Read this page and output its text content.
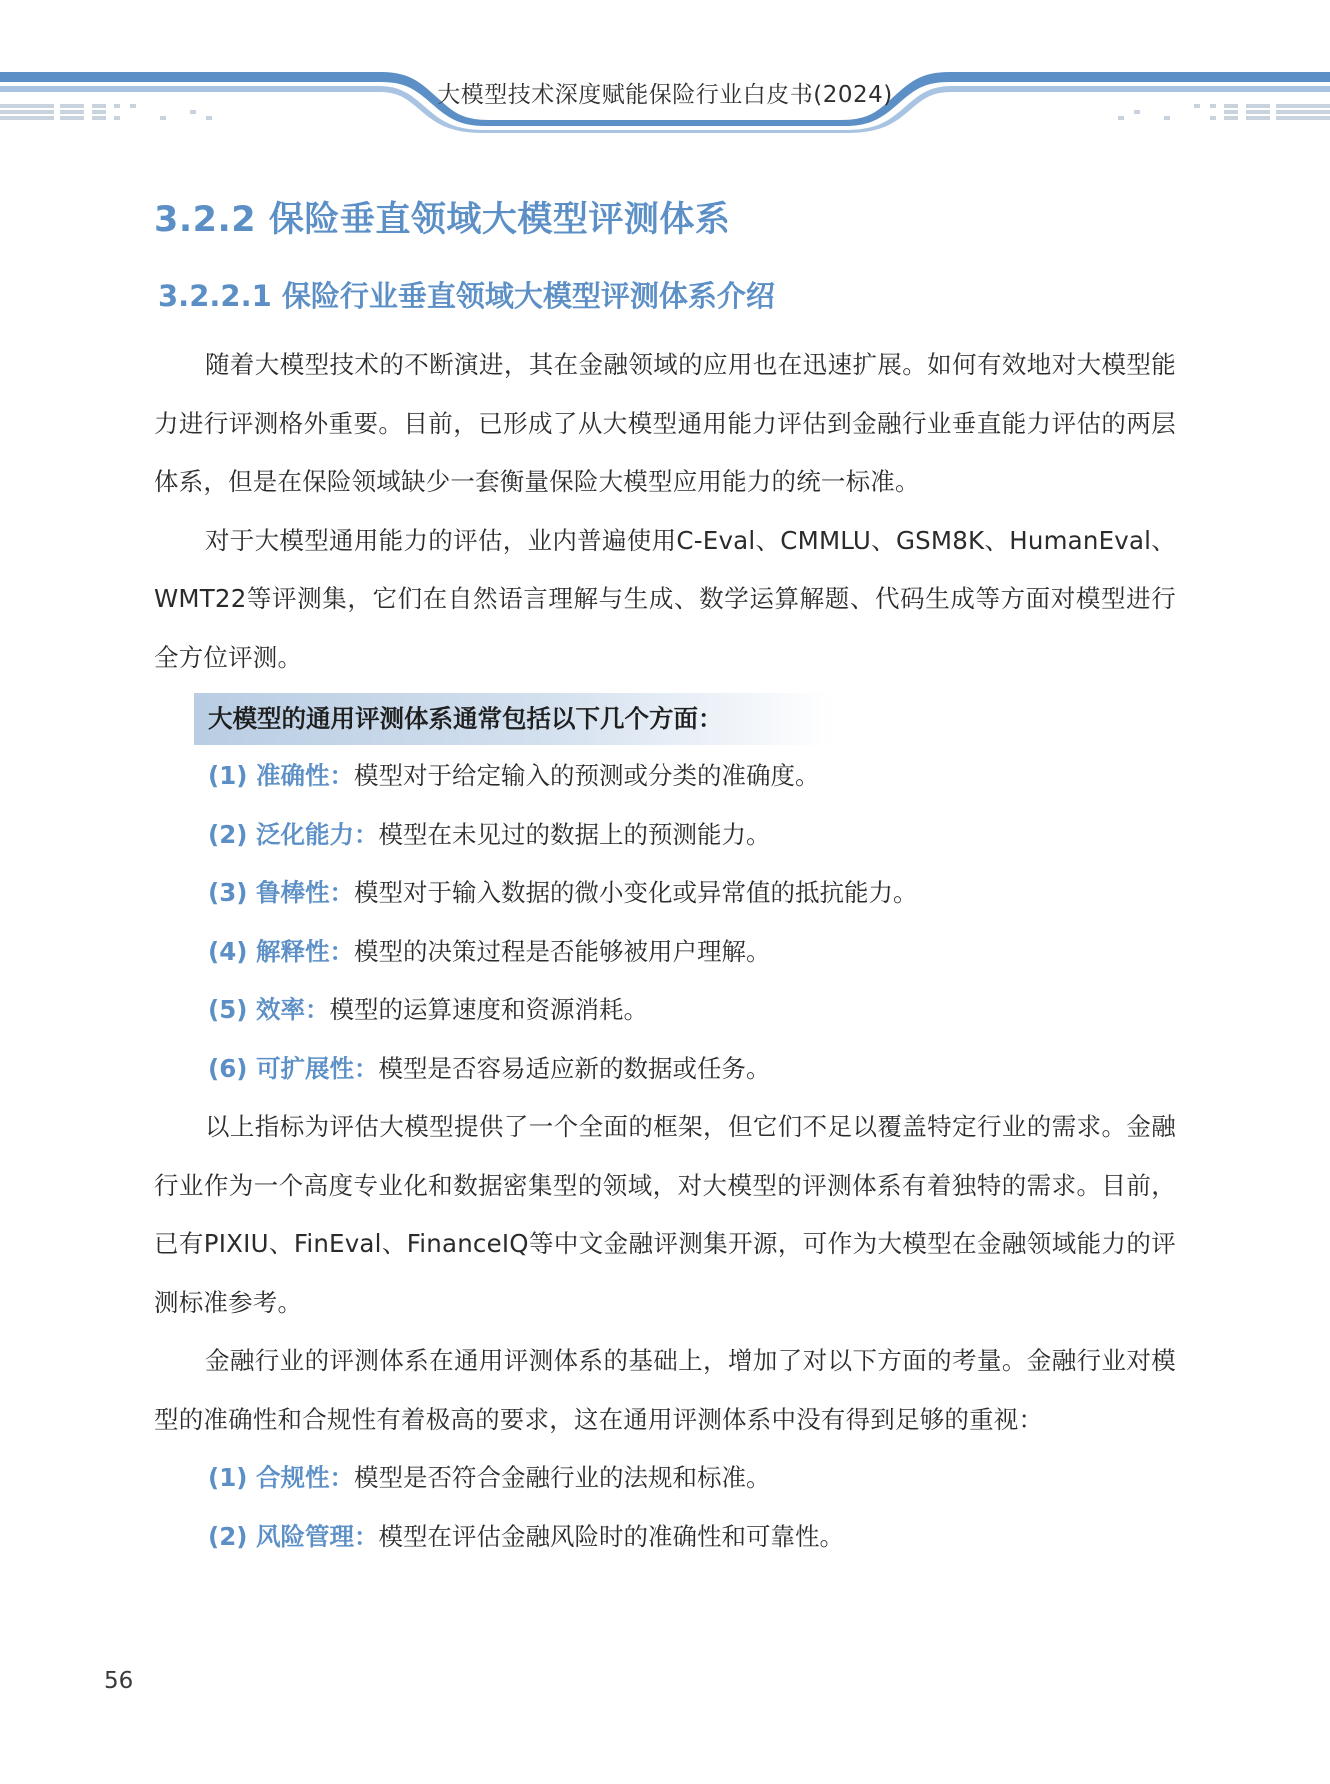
大模型技术深度赋能保险行业白皮书(2024)
3.2.2 保险垂直领域大模型评测体系
3.2.2.1 保险行业垂直领域大模型评测体系介绍

随着大模型技术的不断演进，其在金融领域的应用也在迅速扩展。如何有效地对大模型能力进行评测格外重要。目前，已形成了从大模型通用能力评估到金融行业垂直能力评估的两层体系，但是在保险领域缺少一套衡量保险大模型应用能力的统一标准。

对于大模型通用能力的评估，业内普遍使用C-Eval、CMMLU、GSM8K、HumanEval、WMT22等评测集，它们在自然语言理解与生成、数学运算解题、代码生成等方面对模型进行全方位评测。

大模型的通用评测体系通常包括以下几个方面：
(1) 准确性：模型对于给定输入的预测或分类的准确度。
(2) 泛化能力：模型在未见过的数据上的预测能力。
(3) 鲁棒性：模型对于输入数据的微小变化或异常值的抵抗能力。
(4) 解释性：模型的决策过程是否能够被用户理解。
(5) 效率：模型的运算速度和资源消耗。
(6) 可扩展性：模型是否容易适应新的数据或任务。

以上指标为评估大模型提供了一个全面的框架，但它们不足以覆盖特定行业的需求。金融行业作为一个高度专业化和数据密集型的领域，对大模型的评测体系有着独特的需求。目前，已有PIXIU、FinEval、FinanceIQ等中文金融评测集开源，可作为大模型在金融领域能力的评测标准参考。

金融行业的评测体系在通用评测体系的基础上，增加了对以下方面的考量。金融行业对模型的准确性和合规性有着极高的要求，这在通用评测体系中没有得到足够的重视：

(1) 合规性：模型是否符合金融行业的法规和标准。
(2) 风险管理：模型在评估金融风险时的准确性和可靠性。
56
